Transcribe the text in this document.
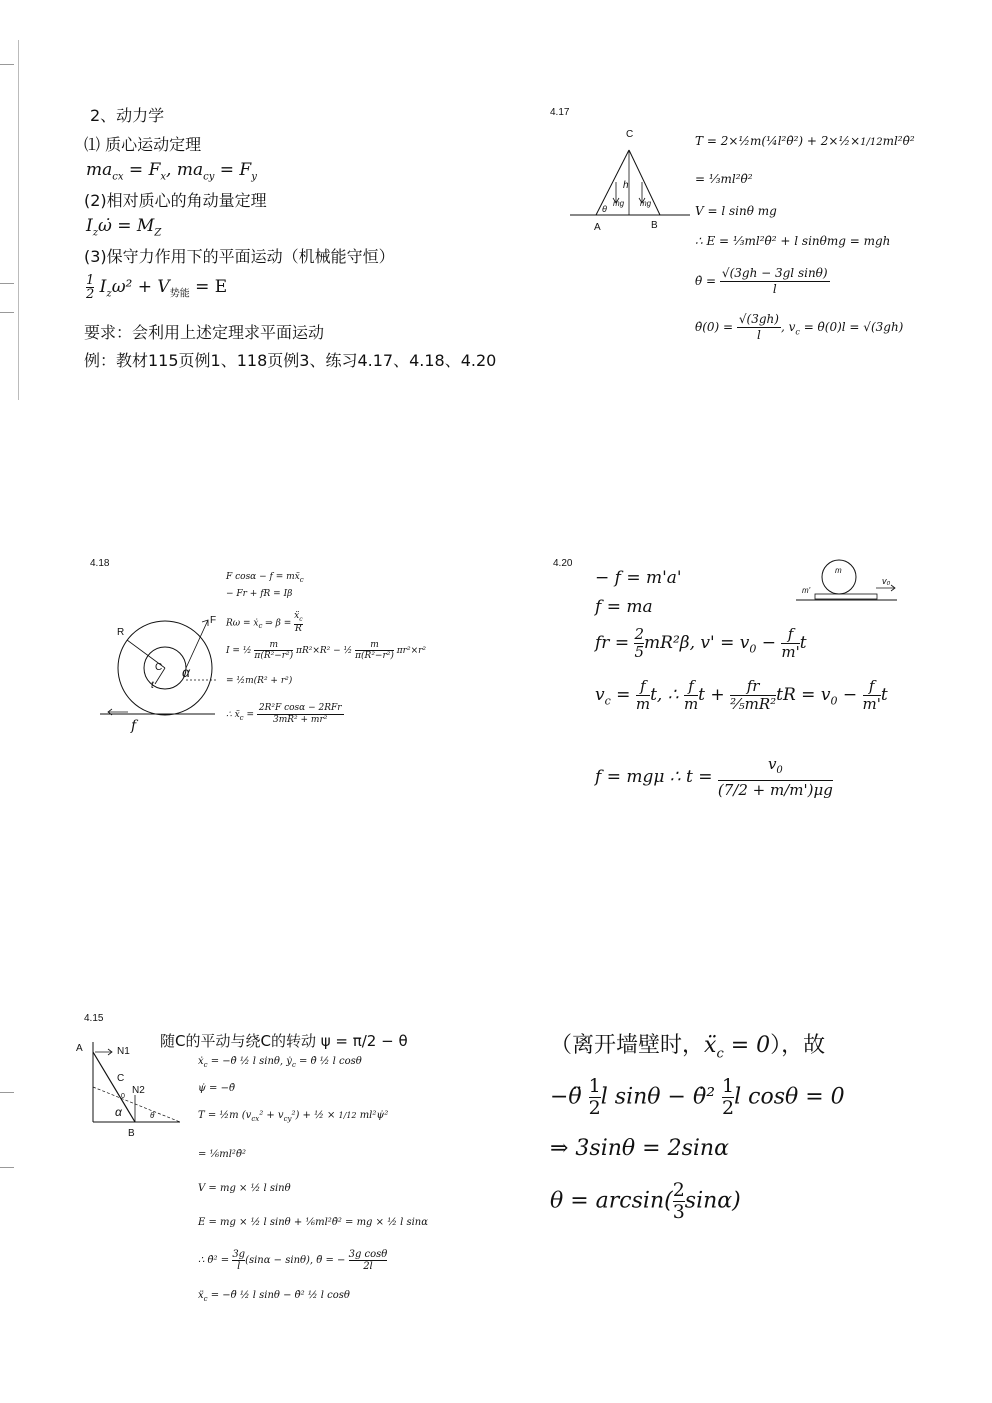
2、动力学
⑴ 质心运动定理
$ma_{cx} = F_x$, $ma_{cy} = F_y$
(2)相对质心的角动量定理
$I_z\omegȧ = M_Z$
(3)保守力作用下的平面运动（机械能守恒）
$\frac{1}{2} I_z\omega^2 + V_{势能} = E$
要求：会利用上述定理求平面运动
例：教材115页例1、118页例3、练习4.17、4.18、4.20
4.17
C
h
θ
mg mg
A	B
T = 2×½m(¼l²θ̇²) + 2×½×1/12ml²θ̇²
= ⅓ml²θ̇²
V = l sinθ mg
∴ E = ⅓ml²θ̇² + l sinθmg = mgh
θ̇ = $\frac{\text{√(3gh − 3gl sinθ)}}{l}$
θ̇(0) = $\frac{√(3gh)}{l}$ , $v_c$ = θ̇(0)l = √(3gh)
4.18
R
C
t
F
α
f
F cosα − f = mẍ$_c$
− Fr + fR = Iβ
Rω = ẋ$_c$ ⇒ $\beta = \frac{ẍ_c}{R}$
I = ½ $\frac{m}{\text{π(R²−r²)}} \pi R^2\times R^2$ − ½ $\frac{m}{\text{π(R²−r²)}} \pi r^2\times r^2$
= ½m(R² + r²)
∴ ẍ$_c$ =
2R²F cosα − 2RFr
3mR² + mr²
4.20
m
m'
v₀
− f = m'a'
f = ma
fr = $\frac{2}{5} mR^2\beta$, $v' = v_0 - \frac{f}{m'}$ t
$v_c = \frac{f}{m} t$, ∴ $\frac{f}{m}$ $t + \frac{fr}{\text{⅖mR²}}$ tR = $v_0 - \frac{f}{m'}$ t
f = mgμ ∴ $t = \frac{v_0}{(7/2 + m/m')\mu g}$
4.15
随C的平动与绕C的转动 ψ = π/2 − θ
A	N1
C
N2
0
α	θ
B
ẋ$_c$ = −θ̇ ½ l sinθ, ẏ$_c$ = θ̇ ½ l cosθ
ψ̇ = −θ̇
T = ½m $(v_{cx}^2 + v_{cy}^2)$ + ½ × 1/12 ml²ψ̇²
= ⅙ml²θ̇²
V = mg × ½ l sinθ
E = mg × ½ l sinθ + ⅙ml²θ̇² = mg × ½ l sinα
∴ θ̇² = $\frac{3g}{l} (\sin\alpha - \sin\theta)$, θ̈ = − $\frac{\text{3g cosθ}}{2l}$
ẍ$_c$ = −θ̈ ½ l sinθ − θ̇² ½ l cosθ
（离开墙壁时，ẍ$_c$ = 0），故
−θ̈ $\frac{1}{2}$ l sinθ − θ̇² $\frac{1}{2}$ l cosθ = 0
⇒ 3sinθ = 2sinα
$\theta = \arcsin( \frac{2}{3} \sin\alpha)$
